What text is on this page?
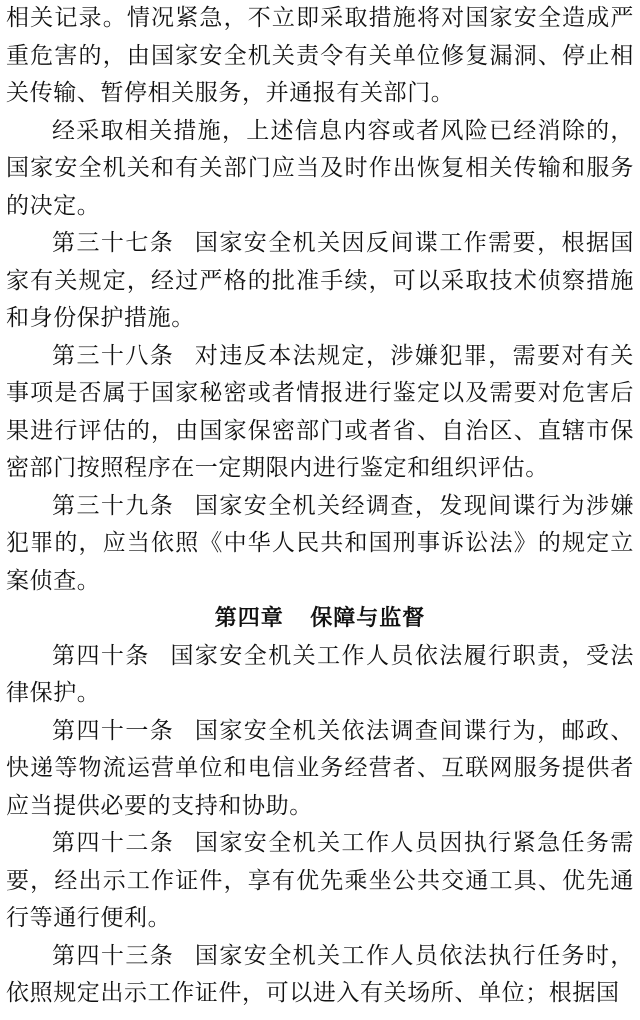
相关记录。情况紧急，不立即采取措施将对国家安全造成严重危害的，由国家安全机关责令有关单位修复漏洞、停止相关传输、暂停相关服务，并通报有关部门。

经采取相关措施，上述信息内容或者风险已经消除的，国家安全机关和有关部门应当及时作出恢复相关传输和服务的决定。

第三十七条 国家安全机关因反间谍工作需要，根据国家有关规定，经过严格的批准手续，可以采取技术侦察措施和身份保护措施。

第三十八条 对违反本法规定，涉嫌犯罪，需要对有关事项是否属于国家秘密或者情报进行鉴定以及需要对危害后果进行评估的，由国家保密部门或者省、自治区、直辖市保密部门按照程序在一定期限内进行鉴定和组织评估。

第三十九条 国家安全机关经调查，发现间谍行为涉嫌犯罪的，应当依照《中华人民共和国刑事诉讼法》的规定立案侦查。

第四章 保障与监督

第四十条 国家安全机关工作人员依法履行职责，受法律保护。

第四十一条 国家安全机关依法调查间谍行为，邮政、快递等物流运营单位和电信业务经营者、互联网服务提供者应当提供必要的支持和协助。

第四十二条 国家安全机关工作人员因执行紧急任务需要，经出示工作证件，享有优先乘坐公共交通工具、优先通行等通行便利。

第四十三条 国家安全机关工作人员依法执行任务时，依照规定出示工作证件，可以进入有关场所、单位；根据国
